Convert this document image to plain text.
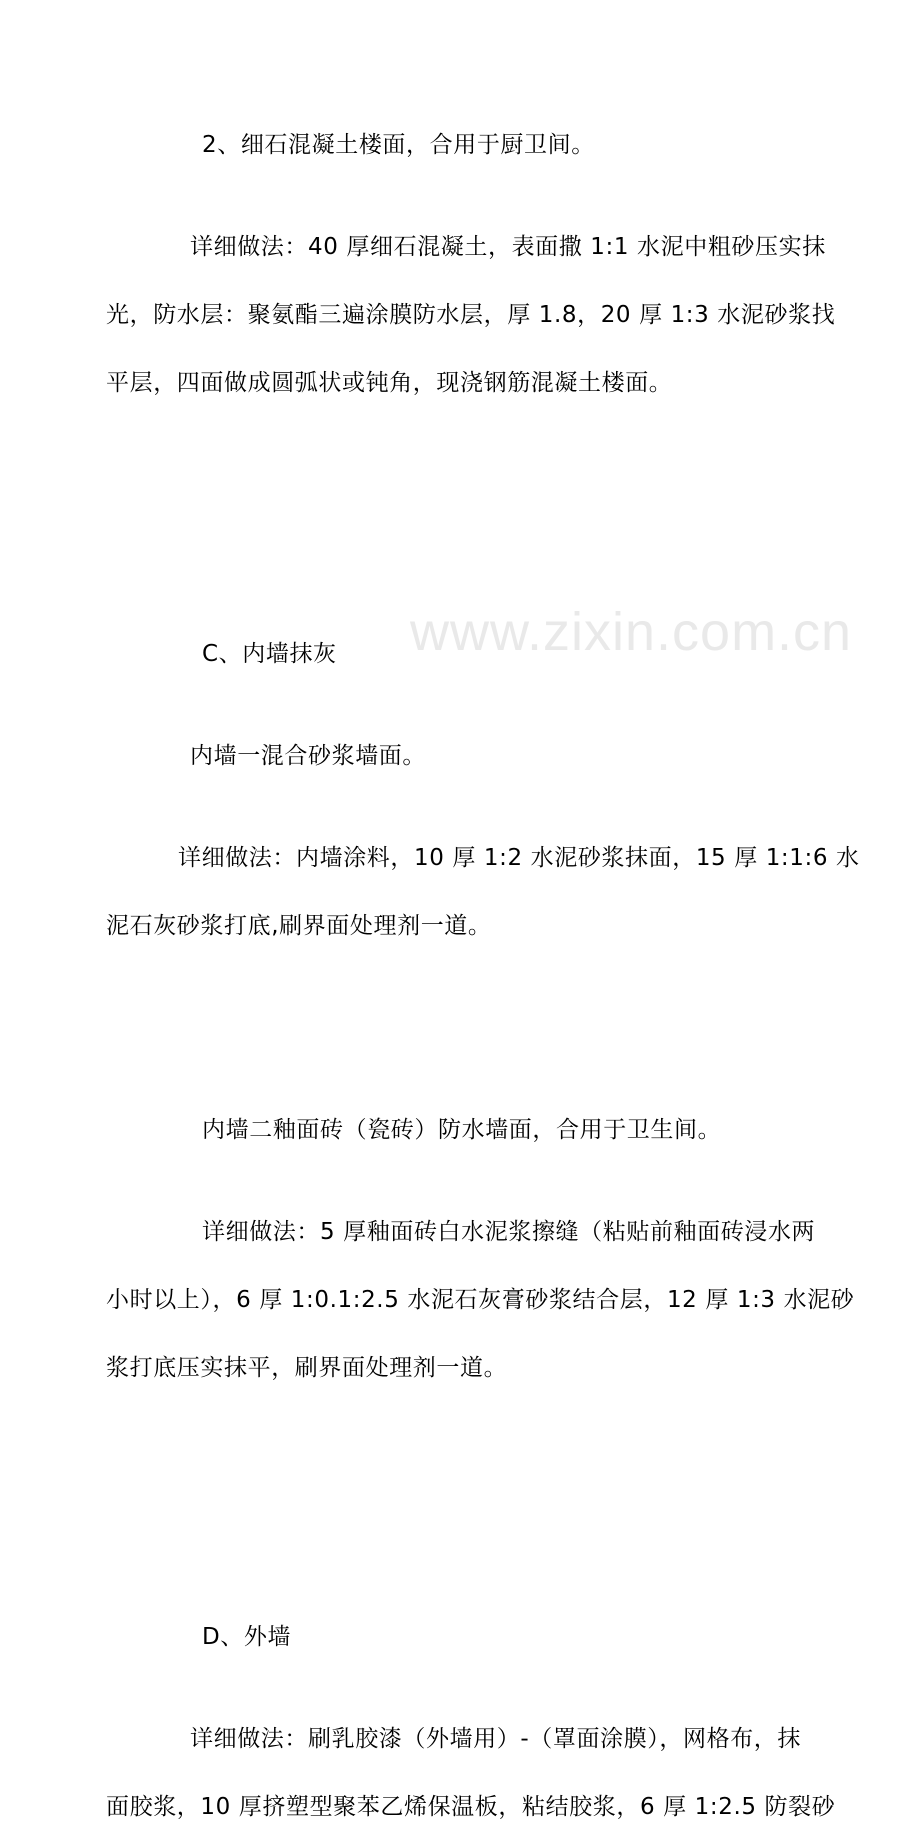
www.zixin.com.cn

2、细石混凝土楼面，合用于厨卫间。

详细做法：40 厚细石混凝土，表面撒 1:1 水泥中粗砂压实抹
光，防水层：聚氨酯三遍涂膜防水层，厚 1.8，20 厚 1:3 水泥砂浆找
平层，四面做成圆弧状或钝角，现浇钢筋混凝土楼面。

C、内墙抹灰

内墙一混合砂浆墙面。

详细做法：内墙涂料，10 厚 1:2 水泥砂浆抹面，15 厚 1:1:6 水
泥石灰砂浆打底,刷界面处理剂一道。

内墙二釉面砖（瓷砖）防水墙面，合用于卫生间。

详细做法：5 厚釉面砖白水泥浆擦缝（粘贴前釉面砖浸水两
小时以上），6 厚 1:0.1:2.5 水泥石灰膏砂浆结合层，12 厚 1:3 水泥砂
浆打底压实抹平，刷界面处理剂一道。

D、外墙

详细做法：刷乳胶漆（外墙用）-（罩面涂膜），网格布，抹
面胶浆，10 厚挤塑型聚苯乙烯保温板，粘结胶浆，6 厚 1:2.5 防裂砂
